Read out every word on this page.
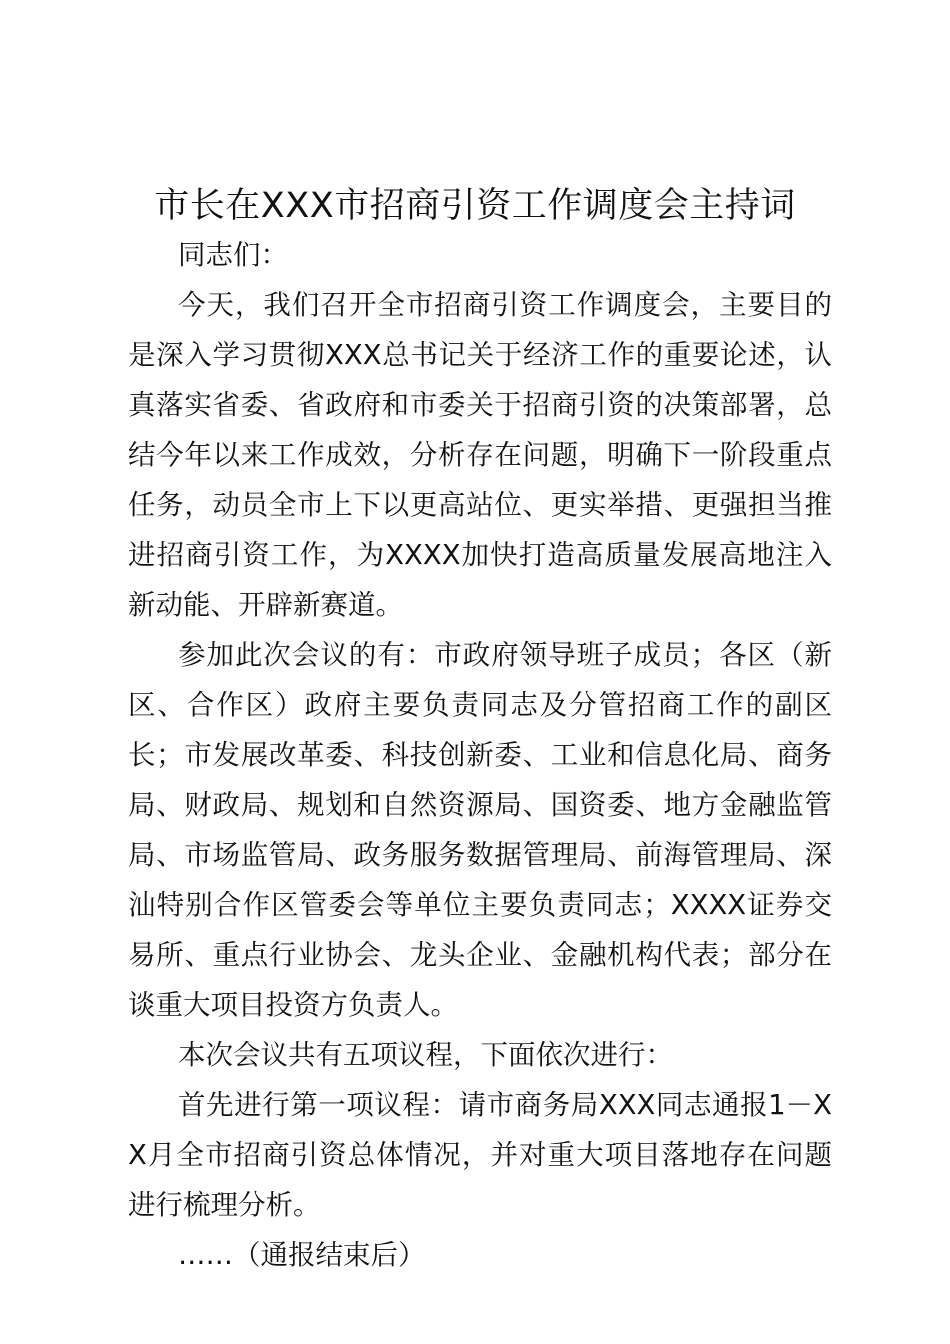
市长在XXX市招商引资工作调度会主持词

同志们：

今天，我们召开全市招商引资工作调度会，主要目的是深入学习贯彻XXX总书记关于经济工作的重要论述，认真落实省委、省政府和市委关于招商引资的决策部署，总结今年以来工作成效，分析存在问题，明确下一阶段重点任务，动员全市上下以更高站位、更实举措、更强担当推进招商引资工作，为XXXX加快打造高质量发展高地注入新动能、开辟新赛道。

参加此次会议的有：市政府领导班子成员；各区（新区、合作区）政府主要负责同志及分管招商工作的副区长；市发展改革委、科技创新委、工业和信息化局、商务局、财政局、规划和自然资源局、国资委、地方金融监管局、市场监管局、政务服务数据管理局、前海管理局、深汕特别合作区管委会等单位主要负责同志；XXXX证券交易所、重点行业协会、龙头企业、金融机构代表；部分在谈重大项目投资方负责人。

本次会议共有五项议程，下面依次进行：

首先进行第一项议程：请市商务局XXX同志通报1－XX月全市招商引资总体情况，并对重大项目落地存在问题进行梳理分析。

……（通报结束后）
